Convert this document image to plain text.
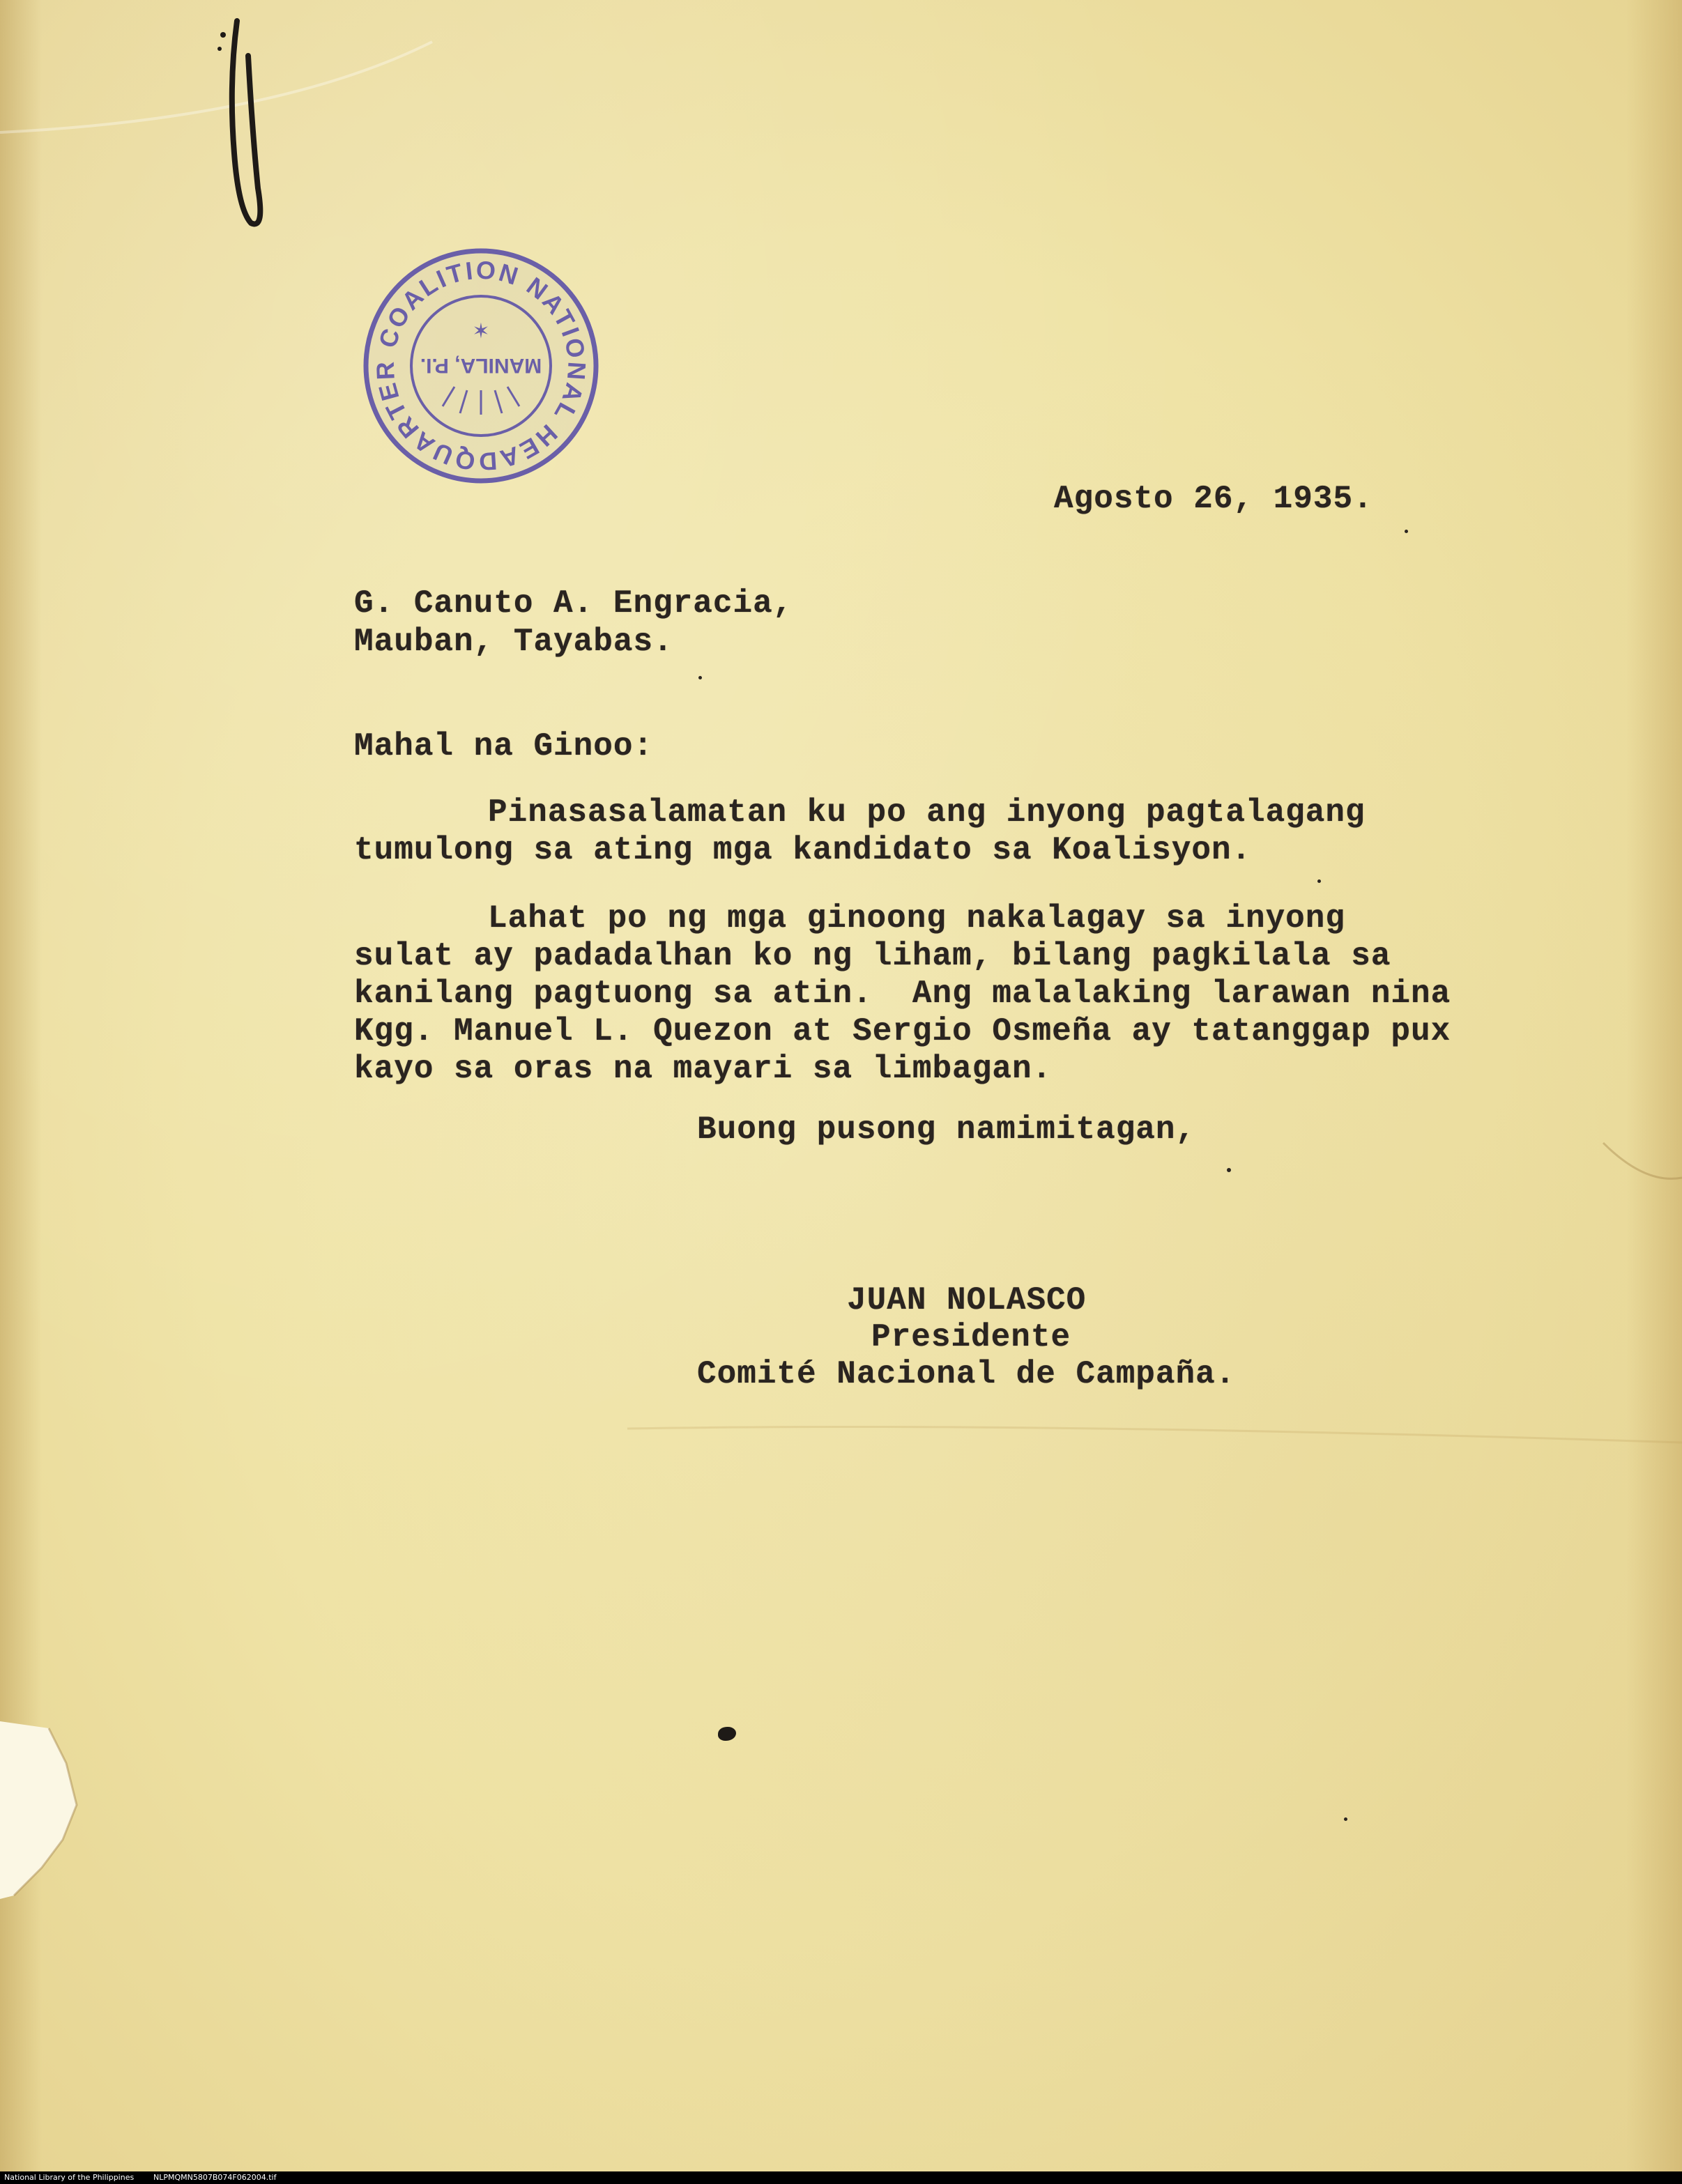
COALITION NATIONAL HEADQUARTER MANILA, P.I.
✶
Agosto 26, 1935.
G. Canuto A. Engracia,
Mauban, Tayabas.
Mahal na Ginoo:
Pinasasalamatan ku po ang inyong pagtalagang
tumulong sa ating mga kandidato sa Koalisyon.
Lahat po ng mga ginoong nakalagay sa inyong
sulat ay padadalhan ko ng liham, bilang pagkilala sa
kanilang pagtuong sa atin.  Ang malalaking larawan nina
Kgg. Manuel L. Quezon at Sergio Osmeña ay tatanggap pux
kayo sa oras na mayari sa limbagan.
Buong pusong namimitagan,
JUAN NOLASCO
Presidente
Comité Nacional de Campaña.
National Library of the Philippines	NLPMQMN5807B074F062004.tif
